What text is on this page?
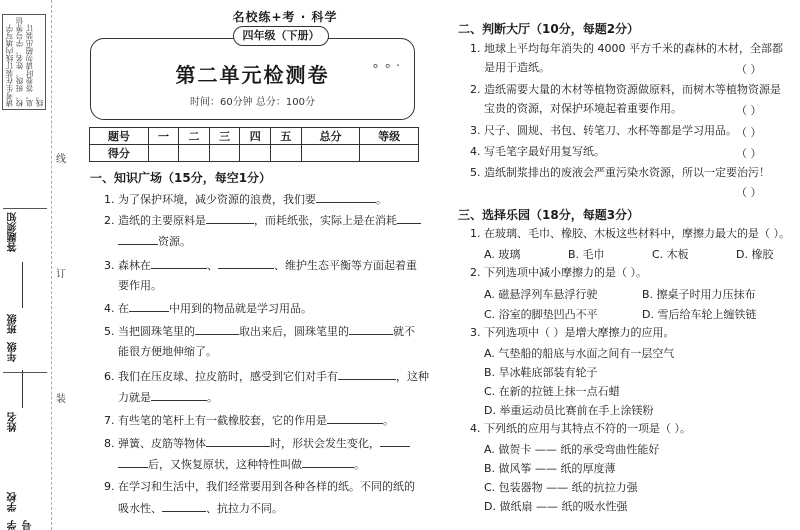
请考生在装订线内填写学校、班级、姓名、学号等信息，答卷时请勿超出装订线。
答题须知
班级
年级
姓名
学校
学号
线
订
装
名校练+考 · 科学
第二单元检测卷
时间：60分钟 总分：100分
∘ ∘ ·
四年级（下册）
题号	一	二	三	四	五	总分	等级
得分							
一、知识广场（15分，每空1分）
1. 为了保护环境，减少资源的浪费，我们要	。
2. 造纸的主要原料是	，而耗纸张，实际上是在消耗
资源。
3. 森林在	、	、维护生态平衡等方面起着重
要作用。
4. 在	中用到的物品就是学习用品。
5. 当把圆珠笔里的	取出来后，圆珠笔里的	就不
能很方便地伸缩了。
6. 我们在压皮球、拉皮筋时，感受到它们对手有	，这种
力就是	。
7. 有些笔的笔杆上有一截橡胶套，它的作用是	。
8. 弹簧、皮筋等物体	时，形状会发生变化，
后，又恢复原状，这种特性叫做	。
9. 在学习和生活中，我们经常要用到各种各样的纸。不同的纸的
吸水性、	、抗拉力不同。
二、判断大厅（10分，每题2分）
1. 地球上平均每年消失的 4000 平方千米的森林的木材，全部都
是用于造纸。	（ ）
2. 造纸需要大量的木材等植物资源做原料，而树木等植物资源是
宝贵的资源，对保护环境起着重要作用。	（ ）
3. 尺子、圆规、书包、转笔刀、水杯等都是学习用品。 （ ）
4. 写毛笔字最好用复写纸。	（ ）
5. 造纸制浆排出的废液会严重污染水资源，所以一定要治污！
（ ）
三、选择乐园（18分，每题3分）
1. 在玻璃、毛巾、橡胶、木板这些材料中，摩擦力最大的是（ ）。
A. 玻璃	B. 毛巾	C. 木板	D. 橡胶
2. 下列选项中减小摩擦力的是（ ）。
A. 磁悬浮列车悬浮行驶	B. 擦桌子时用力压抹布
C. 浴室的脚垫凹凸不平	D. 雪后给车轮上缠铁链
3. 下列选项中（ ）是增大摩擦力的应用。
A. 气垫船的船底与水面之间有一层空气
B. 旱冰鞋底部装有轮子
C. 在新的拉链上抹一点石蜡
D. 举重运动员比赛前在手上涂镁粉
4. 下列纸的应用与其特点不符的一项是（ ）。
A. 做贺卡 —— 纸的承受弯曲性能好
B. 做风筝 —— 纸的厚度薄
C. 包装器物 —— 纸的抗拉力强
D. 做纸扇 —— 纸的吸水性强
